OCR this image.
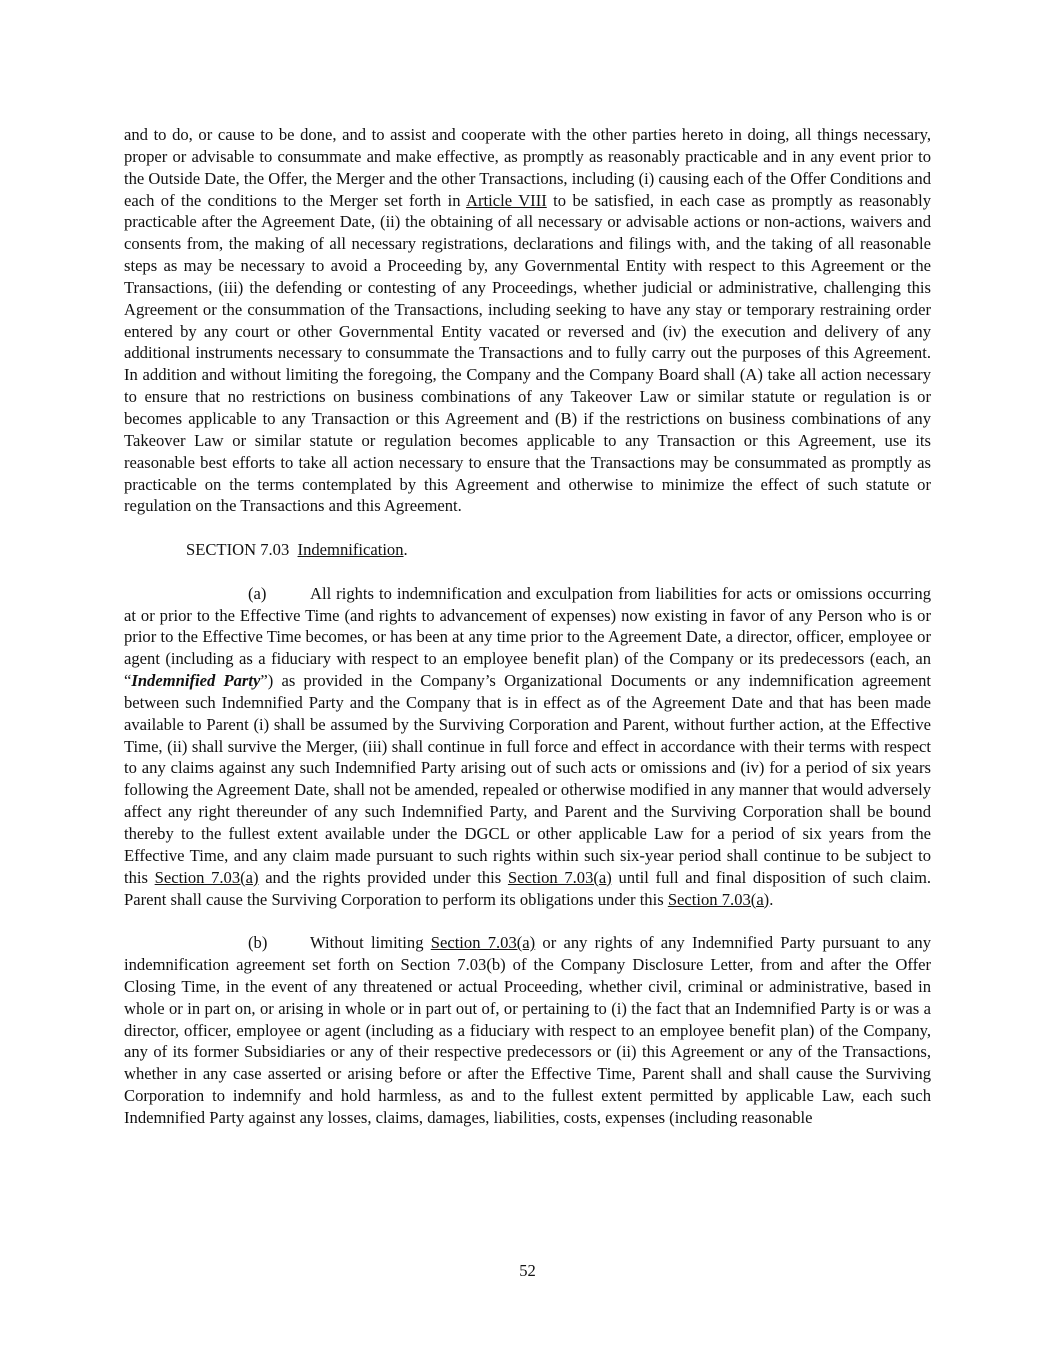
and to do, or cause to be done, and to assist and cooperate with the other parties hereto in doing, all things necessary, proper or advisable to consummate and make effective, as promptly as reasonably practicable and in any event prior to the Outside Date, the Offer, the Merger and the other Transactions, including (i) causing each of the Offer Conditions and each of the conditions to the Merger set forth in Article VIII to be satisfied, in each case as promptly as reasonably practicable after the Agreement Date, (ii) the obtaining of all necessary or advisable actions or non-actions, waivers and consents from, the making of all necessary registrations, declarations and filings with, and the taking of all reasonable steps as may be necessary to avoid a Proceeding by, any Governmental Entity with respect to this Agreement or the Transactions, (iii) the defending or contesting of any Proceedings, whether judicial or administrative, challenging this Agreement or the consummation of the Transactions, including seeking to have any stay or temporary restraining order entered by any court or other Governmental Entity vacated or reversed and (iv) the execution and delivery of any additional instruments necessary to consummate the Transactions and to fully carry out the purposes of this Agreement. In addition and without limiting the foregoing, the Company and the Company Board shall (A) take all action necessary to ensure that no restrictions on business combinations of any Takeover Law or similar statute or regulation is or becomes applicable to any Transaction or this Agreement and (B) if the restrictions on business combinations of any Takeover Law or similar statute or regulation becomes applicable to any Transaction or this Agreement, use its reasonable best efforts to take all action necessary to ensure that the Transactions may be consummated as promptly as practicable on the terms contemplated by this Agreement and otherwise to minimize the effect of such statute or regulation on the Transactions and this Agreement.

SECTION 7.03 Indemnification.

(a)	All rights to indemnification and exculpation from liabilities for acts or omissions occurring at or prior to the Effective Time (and rights to advancement of expenses) now existing in favor of any Person who is or prior to the Effective Time becomes, or has been at any time prior to the Agreement Date, a director, officer, employee or agent (including as a fiduciary with respect to an employee benefit plan) of the Company or its predecessors (each, an “Indemnified Party”) as provided in the Company’s Organizational Documents or any indemnification agreement between such Indemnified Party and the Company that is in effect as of the Agreement Date and that has been made available to Parent (i) shall be assumed by the Surviving Corporation and Parent, without further action, at the Effective Time, (ii) shall survive the Merger, (iii) shall continue in full force and effect in accordance with their terms with respect to any claims against any such Indemnified Party arising out of such acts or omissions and (iv) for a period of six years following the Agreement Date, shall not be amended, repealed or otherwise modified in any manner that would adversely affect any right thereunder of any such Indemnified Party, and Parent and the Surviving Corporation shall be bound thereby to the fullest extent available under the DGCL or other applicable Law for a period of six years from the Effective Time, and any claim made pursuant to such rights within such six-year period shall continue to be subject to this Section 7.03(a) and the rights provided under this Section 7.03(a) until full and final disposition of such claim. Parent shall cause the Surviving Corporation to perform its obligations under this Section 7.03(a).

(b)	Without limiting Section 7.03(a) or any rights of any Indemnified Party pursuant to any indemnification agreement set forth on Section 7.03(b) of the Company Disclosure Letter, from and after the Offer Closing Time, in the event of any threatened or actual Proceeding, whether civil, criminal or administrative, based in whole or in part on, or arising in whole or in part out of, or pertaining to (i) the fact that an Indemnified Party is or was a director, officer, employee or agent (including as a fiduciary with respect to an employee benefit plan) of the Company, any of its former Subsidiaries or any of their respective predecessors or (ii) this Agreement or any of the Transactions, whether in any case asserted or arising before or after the Effective Time, Parent shall and shall cause the Surviving Corporation to indemnify and hold harmless, as and to the fullest extent permitted by applicable Law, each such Indemnified Party against any losses, claims, damages, liabilities, costs, expenses (including reasonable

52
